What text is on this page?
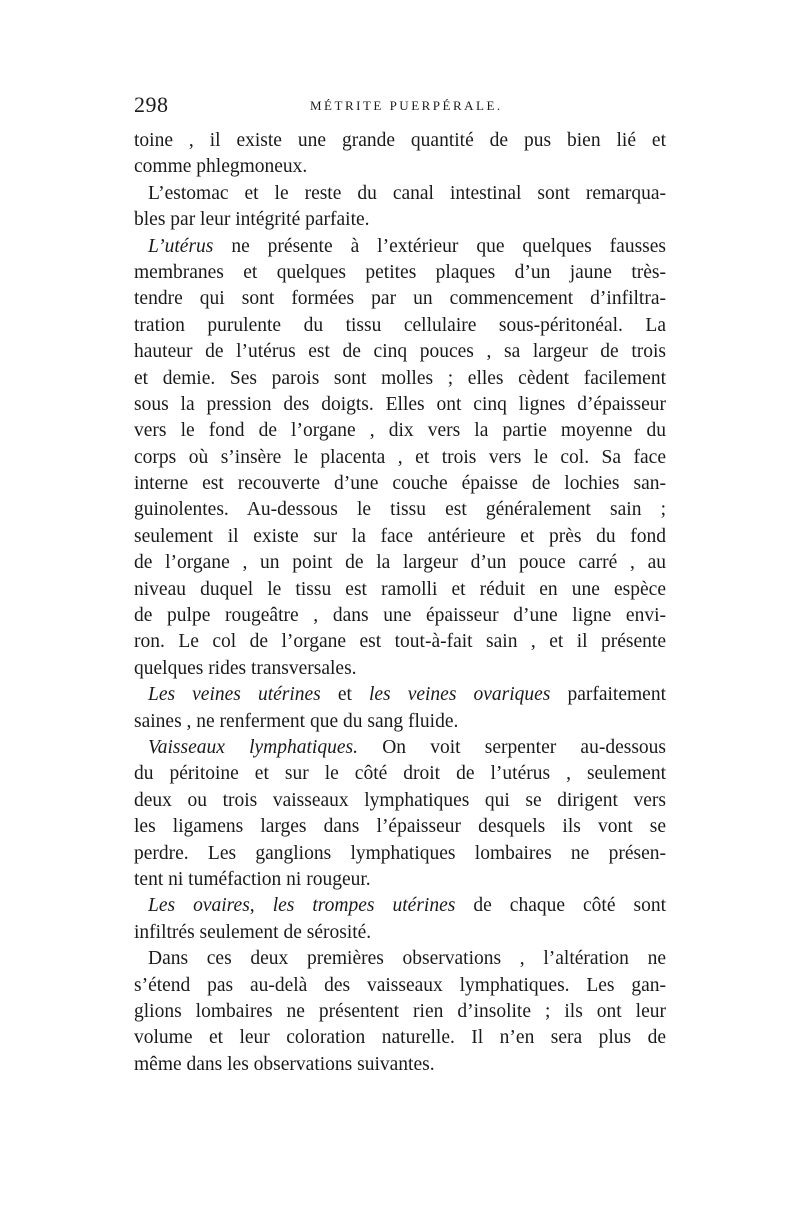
298	MÉTRITE PUERPÉRALE.
toine , il existe une grande quantité de pus bien lié et
comme phlegmoneux.
L’estomac et le reste du canal intestinal sont remarqua-
bles par leur intégrité parfaite.
L’utérus ne présente à l’extérieur que quelques fausses
membranes et quelques petites plaques d’un jaune très-
tendre qui sont formées par un commencement d’infiltra-
tration purulente du tissu cellulaire sous-péritonéal. La
hauteur de l’utérus est de cinq pouces , sa largeur de trois
et demie. Ses parois sont molles ; elles cèdent facilement
sous la pression des doigts. Elles ont cinq lignes d’épaisseur
vers le fond de l’organe , dix vers la partie moyenne du
corps où s’insère le placenta , et trois vers le col. Sa face
interne est recouverte d’une couche épaisse de lochies san-
guinolentes. Au-dessous le tissu est généralement sain ;
seulement il existe sur la face antérieure et près du fond
de l’organe , un point de la largeur d’un pouce carré , au
niveau duquel le tissu est ramolli et réduit en une espèce
de pulpe rougeâtre , dans une épaisseur d’une ligne envi-
ron. Le col de l’organe est tout-à-fait sain , et il présente
quelques rides transversales.
Les veines utérines et les veines ovariques parfaitement
saines , ne renferment que du sang fluide.
Vaisseaux lymphatiques. On voit serpenter au-dessous
du péritoine et sur le côté droit de l’utérus , seulement
deux ou trois vaisseaux lymphatiques qui se dirigent vers
les ligamens larges dans l’épaisseur desquels ils vont se
perdre. Les ganglions lymphatiques lombaires ne présen-
tent ni tuméfaction ni rougeur.
Les ovaires, les trompes utérines de chaque côté sont
infiltrés seulement de sérosité.
Dans ces deux premières observations , l’altération ne
s’étend pas au-delà des vaisseaux lymphatiques. Les gan-
glions lombaires ne présentent rien d’insolite ; ils ont leur
volume et leur coloration naturelle. Il n’en sera plus de
même dans les observations suivantes.
